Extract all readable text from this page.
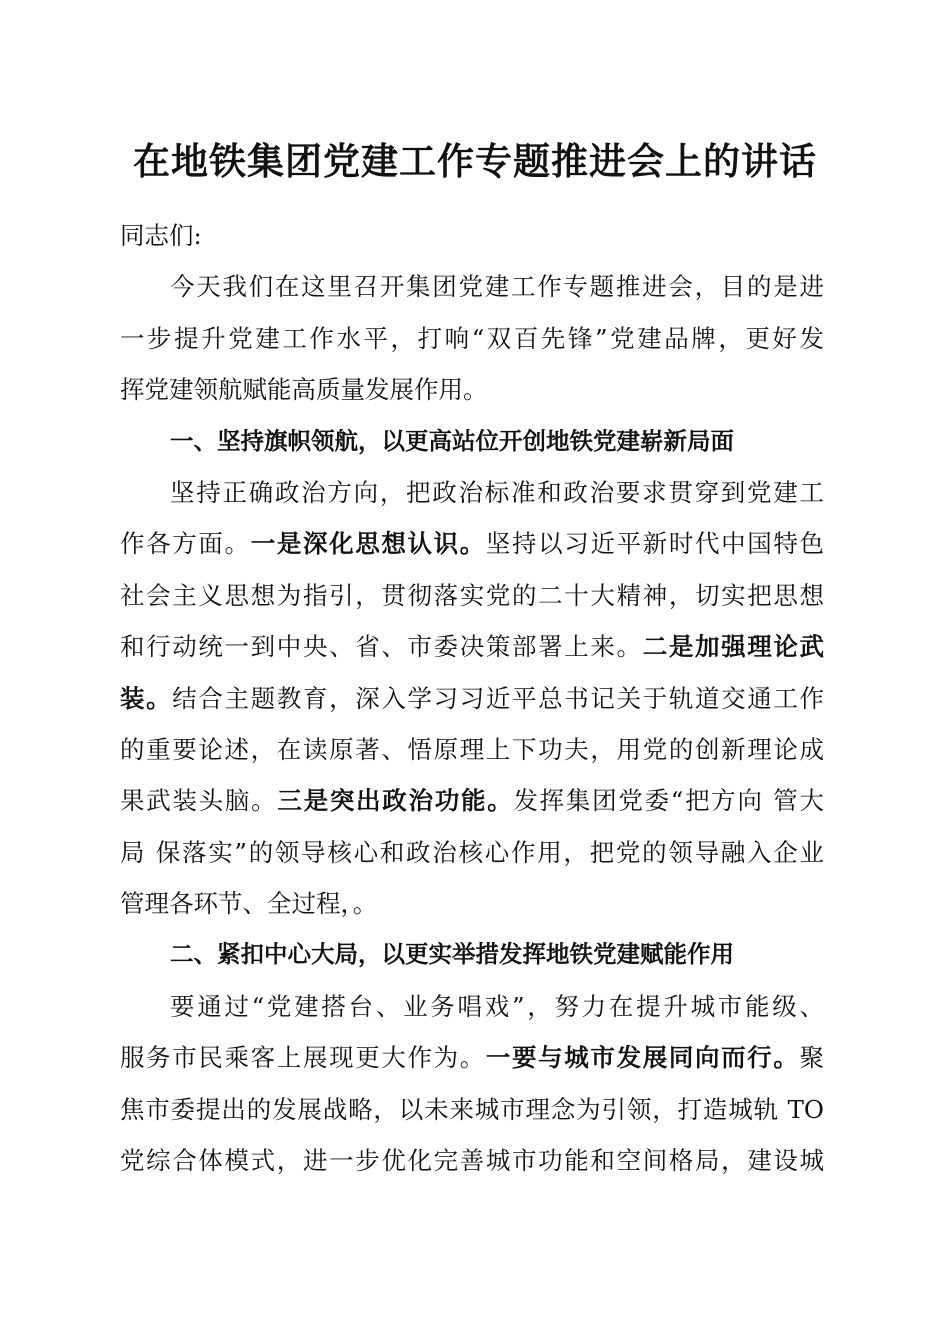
在地铁集团党建工作专题推进会上的讲话
同志们:
今天我们在这里召开集团党建工作专题推进会，目的是进
一步提升党建工作水平，打响“双百先锋”党建品牌，更好发
挥党建领航赋能高质量发展作用。
一、坚持旗帜领航，以更高站位开创地铁党建崭新局面
坚持正确政治方向，把政治标准和政治要求贯穿到党建工
作各方面。一是深化思想认识。坚持以习近平新时代中国特色
社会主义思想为指引，贯彻落实党的二十大精神，切实把思想
和行动统一到中央、省、市委决策部署上来。二是加强理论武
装。结合主题教育，深入学习习近平总书记关于轨道交通工作
的重要论述，在读原著、悟原理上下功夫，用党的创新理论成
果武装头脑。三是突出政治功能。发挥集团党委“把方向 管大
局 保落实”的领导核心和政治核心作用，把党的领导融入企业
管理各环节、全过程，。
二、紧扣中心大局，以更实举措发挥地铁党建赋能作用
要通过“党建搭台、业务唱戏”，努力在提升城市能级、
服务市民乘客上展现更大作为。一要与城市发展同向而行。聚
焦市委提出的发展战略，以未来城市理念为引领，打造城轨 TO
党综合体模式，进一步优化完善城市功能和空间格局，建设城
